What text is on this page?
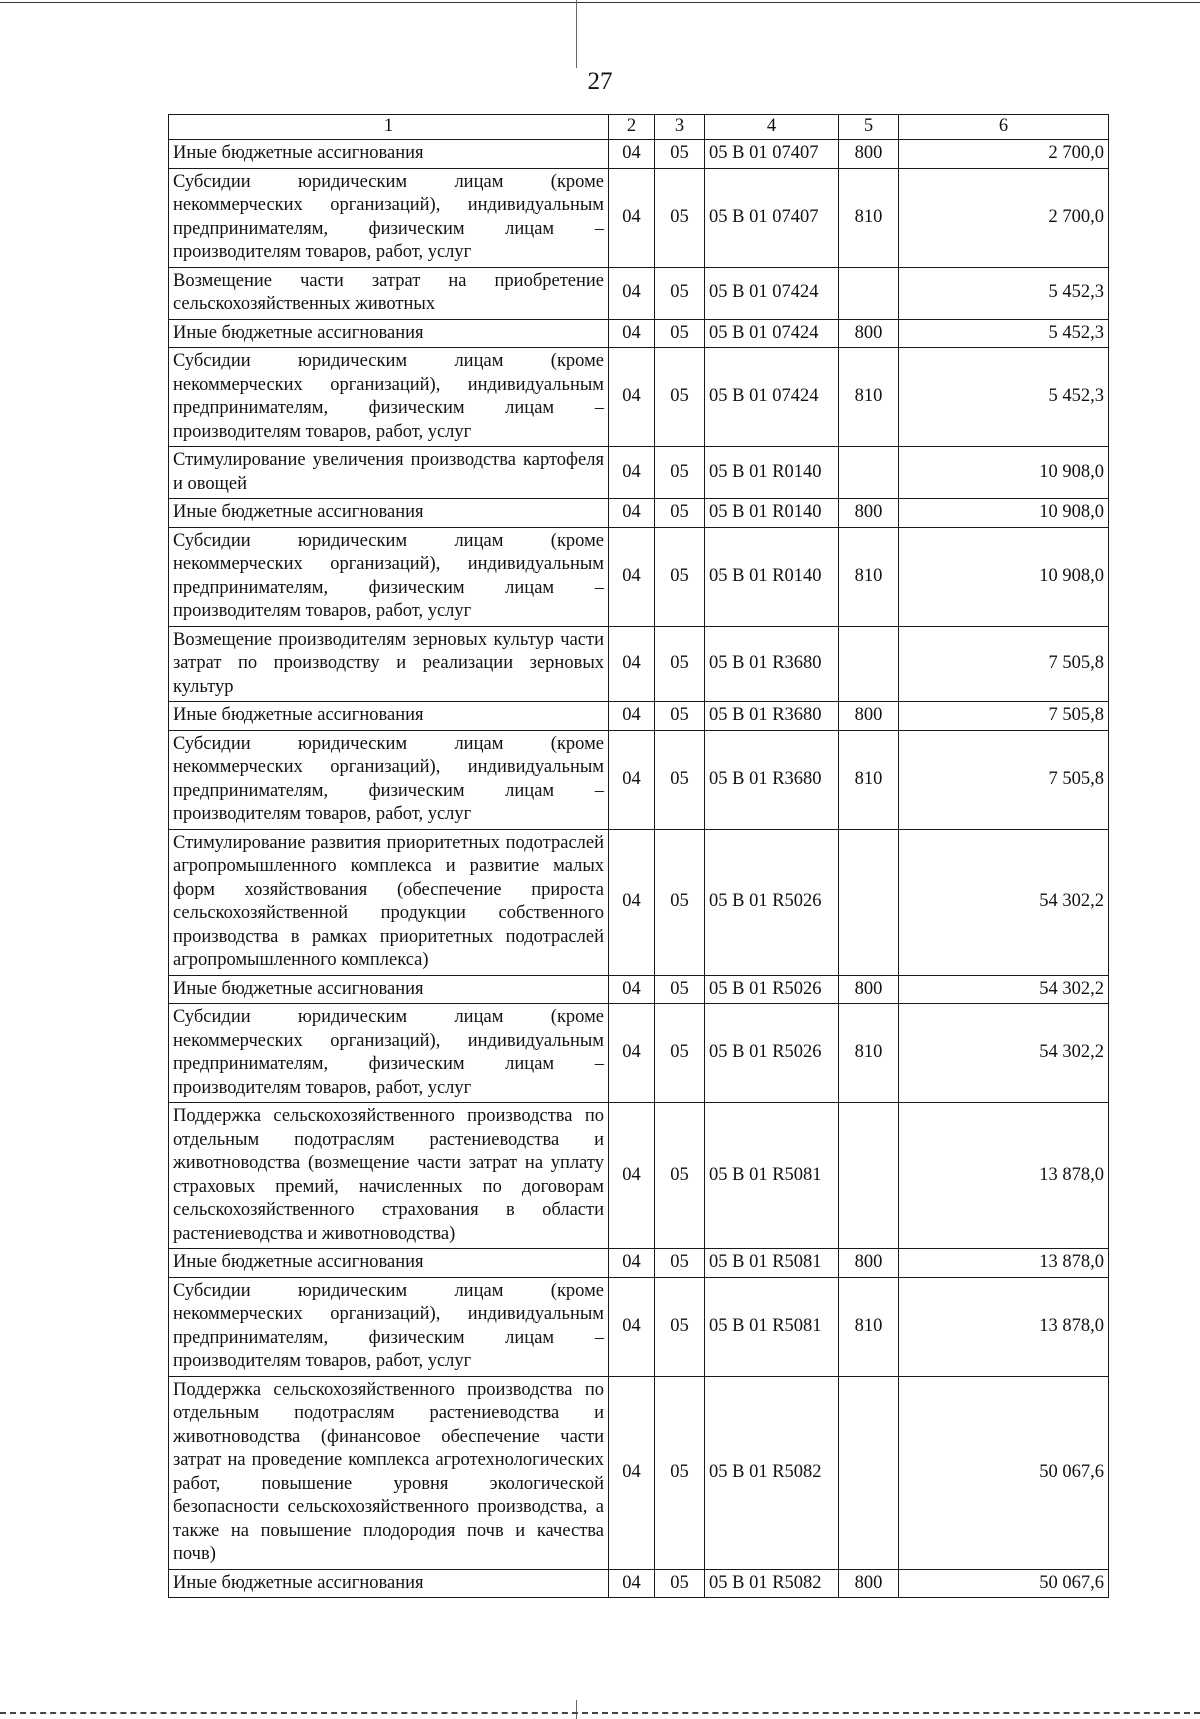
27
1	2	3	4	5	6
Иные бюджетные ассигнования	04	05	05 В 01 07407	800	2 700,0
Субсидии юридическим лицам (кроме некоммерческих организаций), индивидуальным предпринимателям, физическим лицам – производителям товаров, работ, услуг	04	05	05 В 01 07407	810	2 700,0
Возмещение части затрат на приобретение сельскохозяйственных животных	04	05	05 В 01 07424		5 452,3
Иные бюджетные ассигнования	04	05	05 В 01 07424	800	5 452,3
Субсидии юридическим лицам (кроме некоммерческих организаций), индивидуальным предпринимателям, физическим лицам – производителям товаров, работ, услуг	04	05	05 В 01 07424	810	5 452,3
Стимулирование увеличения производства картофеля и овощей	04	05	05 В 01 R0140		10 908,0
Иные бюджетные ассигнования	04	05	05 В 01 R0140	800	10 908,0
Субсидии юридическим лицам (кроме некоммерческих организаций), индивидуальным предпринимателям, физическим лицам – производителям товаров, работ, услуг	04	05	05 В 01 R0140	810	10 908,0
Возмещение производителям зерновых культур части затрат по производству и реализации зерновых культур	04	05	05 В 01 R3680		7 505,8
Иные бюджетные ассигнования	04	05	05 В 01 R3680	800	7 505,8
Субсидии юридическим лицам (кроме некоммерческих организаций), индивидуальным предпринимателям, физическим лицам – производителям товаров, работ, услуг	04	05	05 В 01 R3680	810	7 505,8
Стимулирование развития приоритетных подотраслей агропромышленного комплекса и развитие малых форм хозяйствования (обеспечение прироста сельскохозяйственной продукции собственного производства в рамках приоритетных подотраслей агропромышленного комплекса)	04	05	05 В 01 R5026		54 302,2
Иные бюджетные ассигнования	04	05	05 В 01 R5026	800	54 302,2
Субсидии юридическим лицам (кроме некоммерческих организаций), индивидуальным предпринимателям, физическим лицам – производителям товаров, работ, услуг	04	05	05 В 01 R5026	810	54 302,2
Поддержка сельскохозяйственного производства по отдельным подотраслям растениеводства и животноводства (возмещение части затрат на уплату страховых премий, начисленных по договорам сельскохозяйственного страхования в области растениеводства и животноводства)	04	05	05 В 01 R5081		13 878,0
Иные бюджетные ассигнования	04	05	05 В 01 R5081	800	13 878,0
Субсидии юридическим лицам (кроме некоммерческих организаций), индивидуальным предпринимателям, физическим лицам – производителям товаров, работ, услуг	04	05	05 В 01 R5081	810	13 878,0
Поддержка сельскохозяйственного производства по отдельным подотраслям растениеводства и животноводства (финансовое обеспечение части затрат на проведение комплекса агротехнологических работ, повышение уровня экологической безопасности сельскохозяйственного производства, а также на повышение плодородия почв и качества почв)	04	05	05 В 01 R5082		50 067,6
Иные бюджетные ассигнования	04	05	05 В 01 R5082	800	50 067,6
